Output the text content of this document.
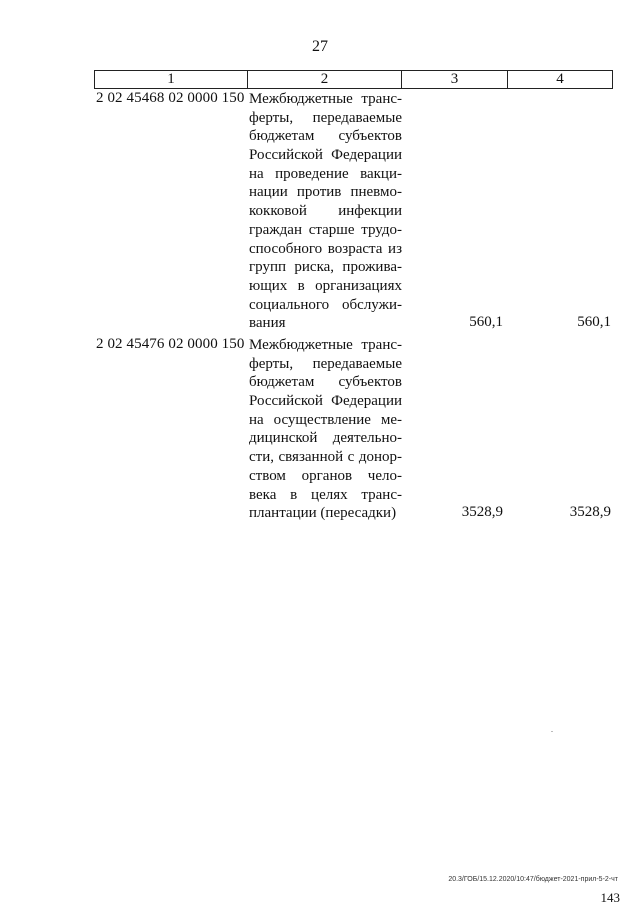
27
1	2	3	4
2 02 45468 02 0000 150 Межбюджетные транс-
ферты, передаваемые
бюджетам субъектов
Российской Федерации
на проведение вакци-
нации против пневмо-
кокковой инфекции
граждан старше трудо-
способного возраста из
групп риска, прожива-
ющих в организациях
социального обслужи-
вания	560,1	560,1
2 02 45476 02 0000 150 Межбюджетные транс-
ферты, передаваемые
бюджетам субъектов
Российской Федерации
на осуществление ме-
дицинской деятельно-
сти, связанной с донор-
ством органов чело-
века в целях транс-
плантации (пересадки)	3528,9	3528,9
20.3/ГОБ/15.12.2020/10:47/бюджет-2021-прил-5-2-чт
143
